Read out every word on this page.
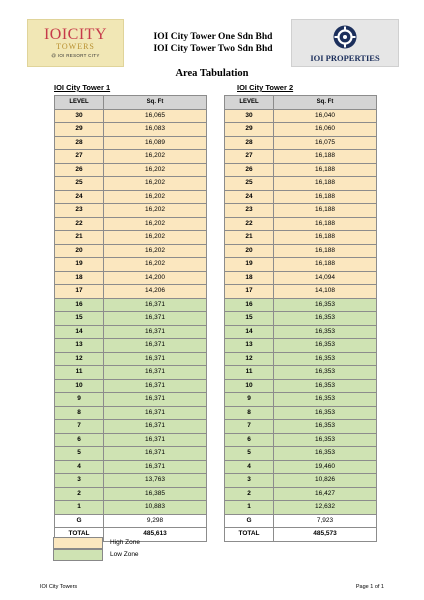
IOICITY
TOWERS
@ IOI RESORT CITY
IOI City Tower One Sdn Bhd
IOI City Tower Two Sdn Bhd
IOI PROPERTIES
Area Tabulation
IOI City Tower 1	IOI City Tower 2
LEVEL	Sq. Ft
30	16,065
29	16,083
28	16,089
27	16,202
26	16,202
25	16,202
24	16,202
23	16,202
22	16,202
21	16,202
20	16,202
19	16,202
18	14,200
17	14,206
16	16,371
15	16,371
14	16,371
13	16,371
12	16,371
11	16,371
10	16,371
9	16,371
8	16,371
7	16,371
6	16,371
5	16,371
4	16,371
3	13,763
2	16,385
1	10,883
G	9,298
TOTAL	485,613
LEVEL	Sq. Ft
30	16,040
29	16,060
28	16,075
27	16,188
26	16,188
25	16,188
24	16,188
23	16,188
22	16,188
21	16,188
20	16,188
19	16,188
18	14,094
17	14,108
16	16,353
15	16,353
14	16,353
13	16,353
12	16,353
11	16,353
10	16,353
9	16,353
8	16,353
7	16,353
6	16,353
5	16,353
4	19,460
3	10,826
2	16,427
1	12,632
G	7,923
TOTAL	485,573
High Zone
Low Zone
IOI City Towers	Page 1 of 1
